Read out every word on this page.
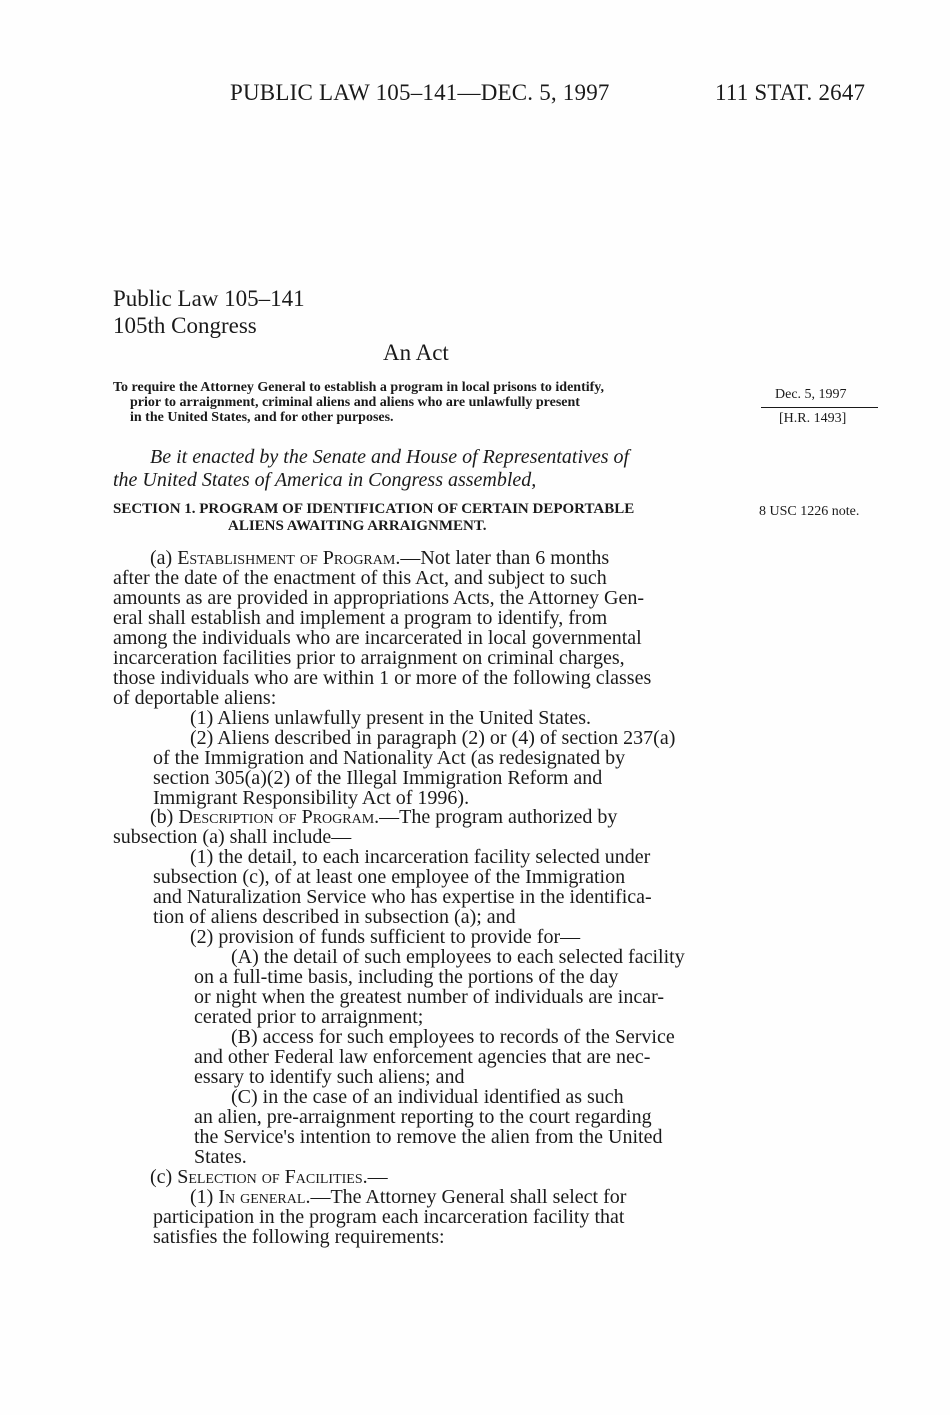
PUBLIC LAW 105–141—DEC. 5, 1997	111 STAT. 2647
Public Law 105–141
105th Congress
An Act
To require the Attorney General to establish a program in local prisons to identify,
prior to arraignment, criminal aliens and aliens who are unlawfully present
in the United States, and for other purposes.
Dec. 5, 1997
[H.R. 1493]
8 USC 1226 note.
Be it enacted by the Senate and House of Representatives of
the United States of America in Congress assembled,
SECTION 1. PROGRAM OF IDENTIFICATION OF CERTAIN DEPORTABLE
ALIENS AWAITING ARRAIGNMENT.
(a) Establishment of Program.—Not later than 6 months
after the date of the enactment of this Act, and subject to such
amounts as are provided in appropriations Acts, the Attorney Gen-
eral shall establish and implement a program to identify, from
among the individuals who are incarcerated in local governmental
incarceration facilities prior to arraignment on criminal charges,
those individuals who are within 1 or more of the following classes
of deportable aliens:
(1) Aliens unlawfully present in the United States.
(2) Aliens described in paragraph (2) or (4) of section 237(a)
of the Immigration and Nationality Act (as redesignated by
section 305(a)(2) of the Illegal Immigration Reform and
Immigrant Responsibility Act of 1996).
(b) Description of Program.—The program authorized by
subsection (a) shall include—
(1) the detail, to each incarceration facility selected under
subsection (c), of at least one employee of the Immigration
and Naturalization Service who has expertise in the identifica-
tion of aliens described in subsection (a); and
(2) provision of funds sufficient to provide for—
(A) the detail of such employees to each selected facility
on a full-time basis, including the portions of the day
or night when the greatest number of individuals are incar-
cerated prior to arraignment;
(B) access for such employees to records of the Service
and other Federal law enforcement agencies that are nec-
essary to identify such aliens; and
(C) in the case of an individual identified as such
an alien, pre-arraignment reporting to the court regarding
the Service's intention to remove the alien from the United
States.
(c) Selection of Facilities.—
(1) In general.—The Attorney General shall select for
participation in the program each incarceration facility that
satisfies the following requirements:
